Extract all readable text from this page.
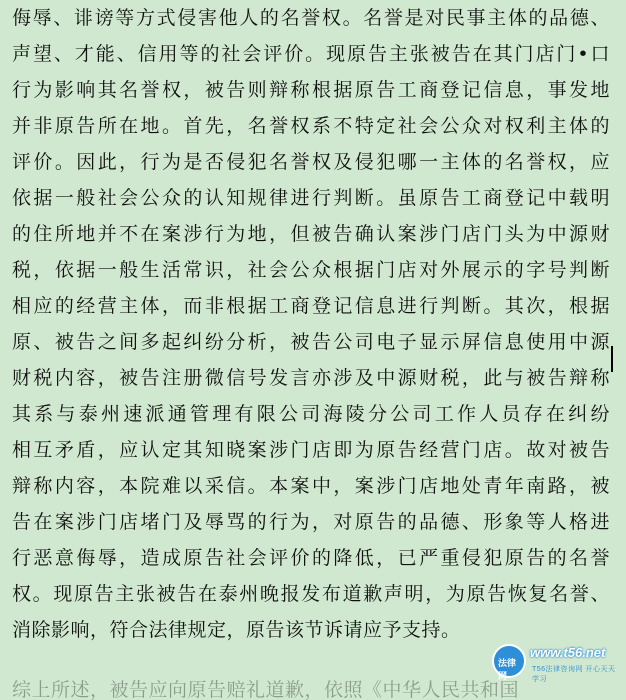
侮辱、诽谤等方式侵害他人的名誉权。名誉是对民事主体的品德、
声望、才能、信用等的社会评价。现原告主张被告在其门店门•口
行为影响其名誉权，被告则辩称根据原告工商登记信息，事发地
并非原告所在地。首先，名誉权系不特定社会公众对权利主体的
评价。因此，行为是否侵犯名誉权及侵犯哪一主体的名誉权，应
依据一般社会公众的认知规律进行判断。虽原告工商登记中载明
的住所地并不在案涉行为地，但被告确认案涉门店门头为中源财
税，依据一般生活常识，社会公众根据门店对外展示的字号判断
相应的经营主体，而非根据工商登记信息进行判断。其次，根据
原、被告之间多起纠纷分析，被告公司电子显示屏信息使用中源
财税内容，被告注册微信号发言亦涉及中源财税，此与被告辩称
其系与泰州速派通管理有限公司海陵分公司工作人员存在纠纷
相互矛盾，应认定其知晓案涉门店即为原告经营门店。故对被告
辩称内容，本院难以采信。本案中，案涉门店地处青年南路，被
告在案涉门店堵门及辱骂的行为，对原告的品德、形象等人格进
行恶意侮辱，造成原告社会评价的降低，已严重侵犯原告的名誉
权。现原告主张被告在泰州晚报发布道歉声明，为原告恢复名誉、
消除影响，符合法律规定，原告该节诉请应予支持。
综上所述，被告应向原告赔礼道歉，依照《中华人民共和国
法律网
www.t56.net
T56法律咨询网 开心天天学习
